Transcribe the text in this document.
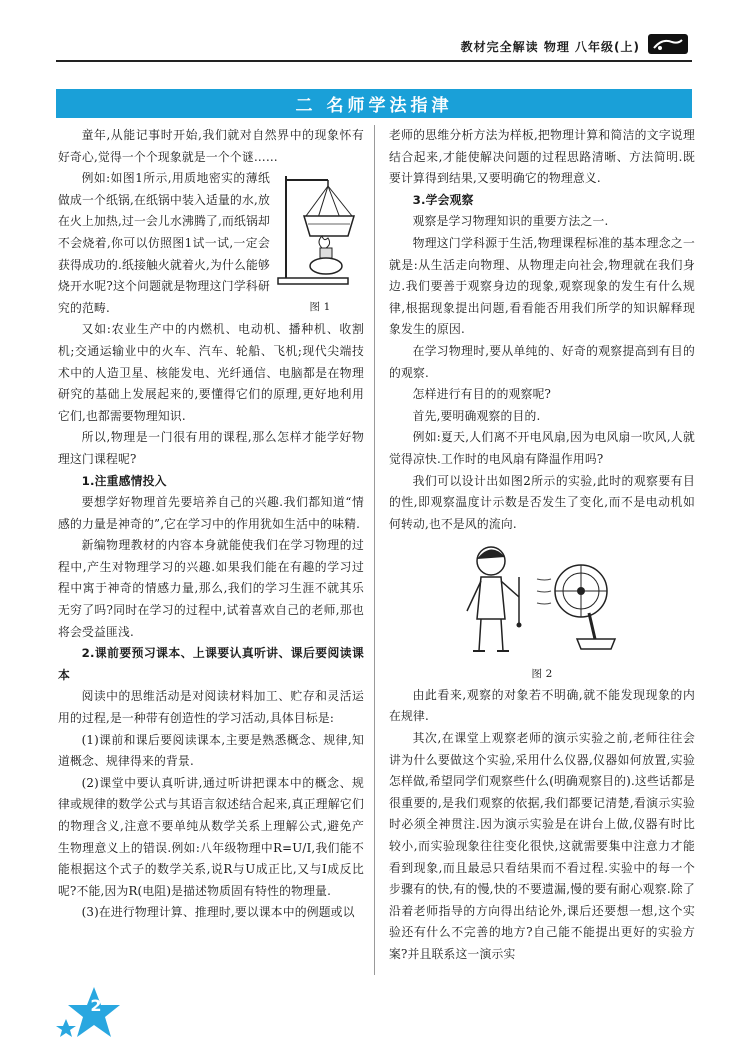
教材完全解读 物理 八年级(上)
二 名师学法指津

童年,从能记事时开始,我们就对自然界中的现象怀有好奇心,觉得一个个现象就是一个个谜……

图 1

例如:如图1所示,用质地密实的薄纸做成一个纸锅,在纸锅中装入适量的水,放在火上加热,过一会儿水沸腾了,而纸锅却不会烧着,你可以仿照图1试一试,一定会获得成功的.纸接触火就着火,为什么能够烧开水呢?这个问题就是物理这门学科研究的范畴.

又如:农业生产中的内燃机、电动机、播种机、收割机;交通运输业中的火车、汽车、轮船、飞机;现代尖端技术中的人造卫星、核能发电、光纤通信、电脑都是在物理研究的基础上发展起来的,要懂得它们的原理,更好地利用它们,也都需要物理知识.

所以,物理是一门很有用的课程,那么怎样才能学好物理这门课程呢?

1.注重感情投入

要想学好物理首先要培养自己的兴趣.我们都知道“情感的力量是神奇的”,它在学习中的作用犹如生活中的味精.

新编物理教材的内容本身就能使我们在学习物理的过程中,产生对物理学习的兴趣.如果我们能在有趣的学习过程中寓于神奇的情感力量,那么,我们的学习生涯不就其乐无穷了吗?同时在学习的过程中,试着喜欢自己的老师,那也将会受益匪浅.

2.课前要预习课本、上课要认真听讲、课后要阅读课本

阅读中的思维活动是对阅读材料加工、贮存和灵活运用的过程,是一种带有创造性的学习活动,具体目标是:

(1)课前和课后要阅读课本,主要是熟悉概念、规律,知道概念、规律得来的背景.

(2)课堂中要认真听讲,通过听讲把课本中的概念、规律或规律的数学公式与其语言叙述结合起来,真正理解它们的物理含义,注意不要单纯从数学关系上理解公式,避免产生物理意义上的错误.例如:八年级物理中R=U/I,我们能不能根据这个式子的数学关系,说R与U成正比,又与I成反比呢?不能,因为R(电阻)是描述物质固有特性的物理量.

(3)在进行物理计算、推理时,要以课本中的例题或以

老师的思维分析方法为样板,把物理计算和简洁的文字说理结合起来,才能使解决问题的过程思路清晰、方法简明.既要计算得到结果,又要明确它的物理意义.

3.学会观察

观察是学习物理知识的重要方法之一.

物理这门学科源于生活,物理课程标准的基本理念之一就是:从生活走向物理、从物理走向社会,物理就在我们身边.我们要善于观察身边的现象,观察现象的发生有什么规律,根据现象提出问题,看看能否用我们所学的知识解释现象发生的原因.

在学习物理时,要从单纯的、好奇的观察提高到有目的的观察.

怎样进行有目的的观察呢?

首先,要明确观察的目的.

例如:夏天,人们离不开电风扇,因为电风扇一吹风,人就觉得凉快.工作时的电风扇有降温作用吗?

我们可以设计出如图2所示的实验,此时的观察要有目的性,即观察温度计示数是否发生了变化,而不是电动机如何转动,也不是风的流向.

图 2

由此看来,观察的对象若不明确,就不能发现现象的内在规律.

其次,在课堂上观察老师的演示实验之前,老师往往会讲为什么要做这个实验,采用什么仪器,仪器如何放置,实验怎样做,希望同学们观察些什么(明确观察目的).这些话都是很重要的,是我们观察的依据,我们都要记清楚,看演示实验时必须全神贯注.因为演示实验是在讲台上做,仪器有时比较小,而实验现象往往变化很快,这就需要集中注意力才能看到现象,而且最忌只看结果而不看过程.实验中的每一个步骤有的快,有的慢,快的不要遗漏,慢的要有耐心观察.除了沿着老师指导的方向得出结论外,课后还要想一想,这个实验还有什么不完善的地方?自己能不能提出更好的实验方案?并且联系这一演示实

2
